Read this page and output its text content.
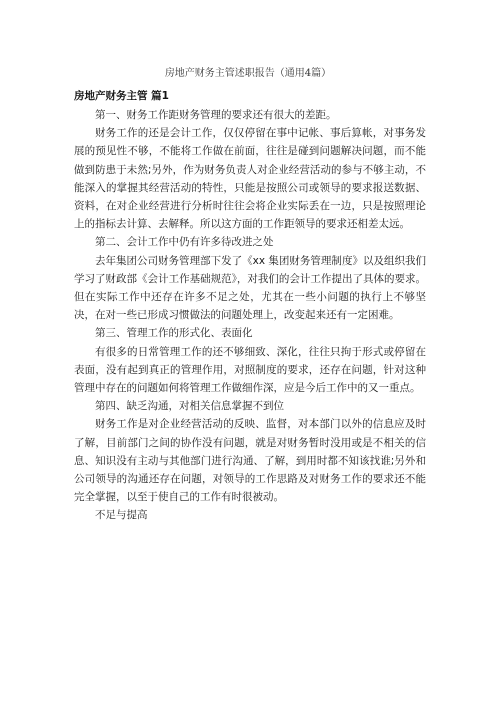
房地产财务主管述职报告（通用4篇）
房地产财务主管 篇1

第一、财务工作距财务管理的要求还有很大的差距。

财务工作的还是会计工作，仅仅停留在事中记帐、事后算帐，对事务发展的预见性不够，不能将工作做在前面，往往是碰到问题解决问题，而不能做到防患于未然;另外，作为财务负责人对企业经营活动的参与不够主动，不能深入的掌握其经营活动的特性，只能是按照公司或领导的要求报送数据、资料，在对企业经营进行分析时往往会将企业实际丢在一边，只是按照理论上的指标去计算、去解释。所以这方面的工作距领导的要求还相差太远。

第二、会计工作中仍有许多待改进之处

去年集团公司财务管理部下发了《xx 集团财务管理制度》以及组织我们学习了财政部《会计工作基础规范》，对我们的会计工作提出了具体的要求。但在实际工作中还存在许多不足之处，尤其在一些小问题的执行上不够坚决，在对一些已形成习惯做法的问题处理上，改变起来还有一定困难。

第三、管理工作的形式化、表面化

有很多的日常管理工作的还不够细致、深化，往往只拘于形式或停留在表面，没有起到真正的管理作用，对照制度的要求，还存在问题，针对这种管理中存在的问题如何将管理工作做细作深，应是今后工作中的又一重点。

第四、缺乏沟通，对相关信息掌握不到位

财务工作是对企业经营活动的反映、监督，对本部门以外的信息应及时了解，目前部门之间的协作没有问题，就是对财务暂时没用或是不相关的信息、知识没有主动与其他部门进行沟通、了解，到用时都不知该找谁;另外和公司领导的沟通还存在问题，对领导的工作思路及对财务工作的要求还不能完全掌握，以至于使自己的工作有时很被动。

不足与提高
